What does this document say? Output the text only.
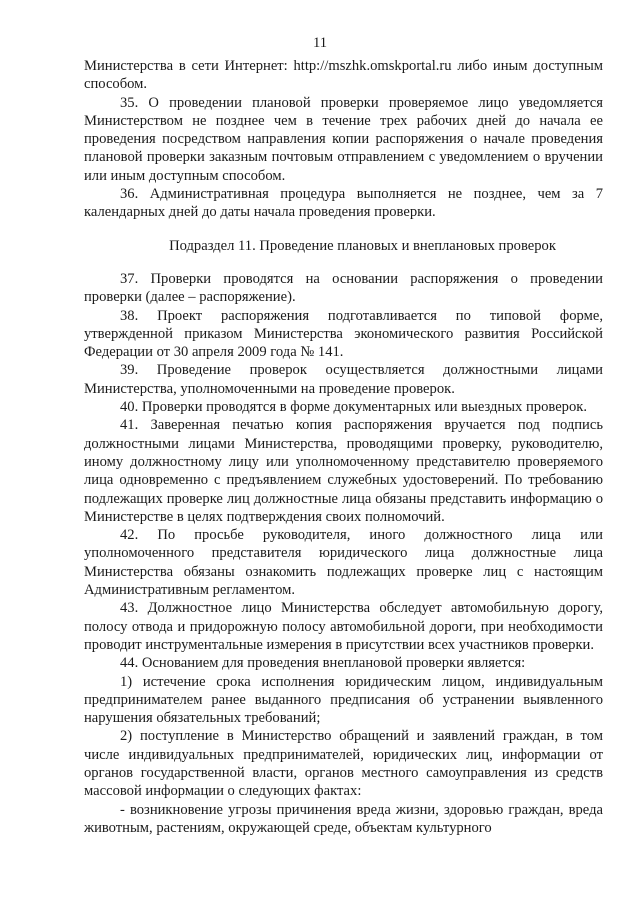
11

Министерства в сети Интернет: http://mszhk.omskportal.ru либо иным доступным способом.

35. О проведении плановой проверки проверяемое лицо уведомляется Министерством не позднее чем в течение трех рабочих дней до начала ее проведения посредством направления копии распоряжения о начале проведения плановой проверки заказным почтовым отправлением с уведомлением о вручении или иным доступным способом.

36. Административная процедура выполняется не позднее, чем за 7 календарных дней до даты начала проведения проверки.

Подраздел 11. Проведение плановых и внеплановых проверок

37. Проверки проводятся на основании распоряжения о проведении проверки (далее – распоряжение).

38. Проект распоряжения подготавливается по типовой форме, утвержденной приказом Министерства экономического развития Российской Федерации от 30 апреля 2009 года № 141.

39. Проведение проверок осуществляется должностными лицами Министерства, уполномоченными на проведение проверок.

40. Проверки проводятся в форме документарных или выездных проверок.

41. Заверенная печатью копия распоряжения вручается под подпись должностными лицами Министерства, проводящими проверку, руководителю, иному должностному лицу или уполномоченному представителю проверяемого лица одновременно с предъявлением служебных удостоверений. По требованию подлежащих проверке лиц должностные лица обязаны представить информацию о Министерстве в целях подтверждения своих полномочий.

42. По просьбе руководителя, иного должностного лица или уполномоченного представителя юридического лица должностные лица Министерства обязаны ознакомить подлежащих проверке лиц с настоящим Административным регламентом.

43. Должностное лицо Министерства обследует автомобильную дорогу, полосу отвода и придорожную полосу автомобильной дороги, при необходимости проводит инструментальные измерения в присутствии всех участников проверки.

44. Основанием для проведения внеплановой проверки является:

1) истечение срока исполнения юридическим лицом, индивидуальным предпринимателем ранее выданного предписания об устранении выявленного нарушения обязательных требований;

2) поступление в Министерство обращений и заявлений граждан, в том числе индивидуальных предпринимателей, юридических лиц, информации от органов государственной власти, органов местного самоуправления из средств массовой информации о следующих фактах:

- возникновение угрозы причинения вреда жизни, здоровью граждан, вреда животным, растениям, окружающей среде, объектам культурного
